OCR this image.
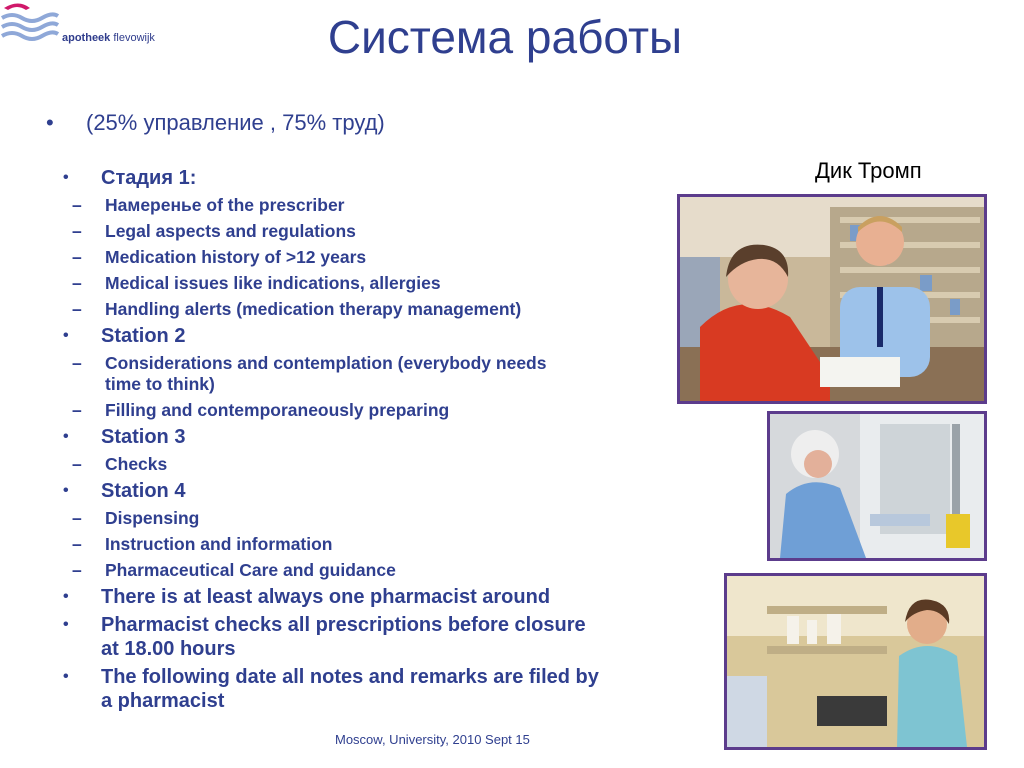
apotheek flevowijk	Система работы
• (25% управление , 75% труд)
Дик Тромп
• Стадия 1:
– Намеренье of the prescriber
– Legal aspects and regulations
– Medication history of >12 years
– Medical issues like indications, allergies
– Handling alerts (medication therapy management)
• Station 2
– Considerations and contemplation (everybody needs time to think)
– Filling and contemporaneously preparing
• Station 3
– Checks
• Station 4
– Dispensing
– Instruction and information
– Pharmaceutical Care and guidance
• There is at least always one pharmacist around
• Pharmacist checks all prescriptions before closure at 18.00 hours
• The following date all notes and remarks are filed by a pharmacist
Moscow, University, 2010 Sept 15
